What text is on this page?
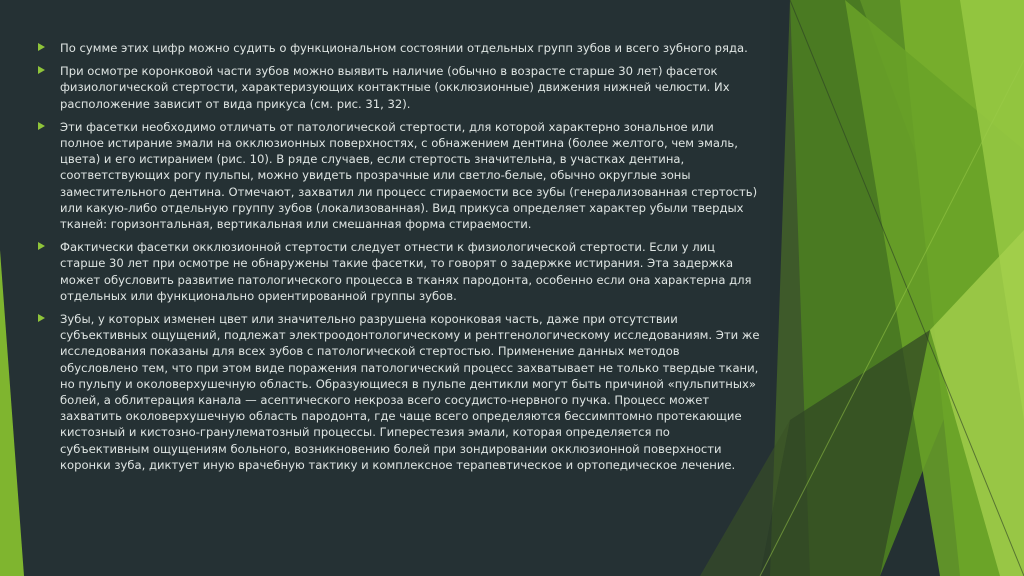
По сумме этих цифр можно судить о функциональном состоянии отдельных групп зубов и всего зубного ряда.
При осмотре коронковой части зубов можно выявить наличие (обычно в возрасте старше 30 лет) фасеток физиологической стертости, характеризующих контактные (окклюзионные) движения нижней челюсти. Их расположение зависит от вида прикуса (см. рис. 31, 32).
Эти фасетки необходимо отличать от патологической стертости, для которой характерно зональное или полное истирание эмали на окклюзионных поверхностях, с обнажением дентина (более желтого, чем эмаль, цвета) и его истиранием (рис. 10). В ряде случаев, если стертость значительна, в участках дентина, соответствующих рогу пульпы, можно увидеть прозрачные или светло-белые, обычно округлые зоны заместительного дентина. Отмечают, захватил ли процесс стираемости все зубы (генерализованная стертость) или какую-либо отдельную группу зубов (локализованная). Вид прикуса определяет характер убыли твердых тканей: горизонтальная, вертикальная или смешанная форма стираемости.
Фактически фасетки окклюзионной стертости следует отнести к физиологической стертости. Если у лиц старше 30 лет при осмотре не обнаружены такие фасетки, то говорят о задержке истирания. Эта задержка может обусловить развитие патологического процесса в тканях пародонта, особенно если она характерна для отдельных или функционально ориентированной группы зубов.
Зубы, у которых изменен цвет или значительно разрушена коронковая часть, даже при отсутствии субъективных ощущений, подлежат электроодонтологическому и рентгенологическому исследованиям. Эти же исследования показаны для всех зубов с патологической стертостью. Применение данных методов обусловлено тем, что при этом виде поражения патологический процесс захватывает не только твердые ткани, но пульпу и околоверхушечную область. Образующиеся в пульпе дентикли могут быть причиной «пульпитных» болей, а облитерация канала — асептического некроза всего сосудисто-нервного пучка. Процесс может захватить околоверхушечную область пародонта, где чаще всего определяются бессимптомно протекающие кистозный и кистозно-гранулематозный процессы. Гиперестезия эмали, которая определяется по субъективным ощущениям больного, возникновению болей при зондировании окклюзионной поверхности коронки зуба, диктует иную врачебную тактику и комплексное терапевтическое и ортопедическое лечение.
